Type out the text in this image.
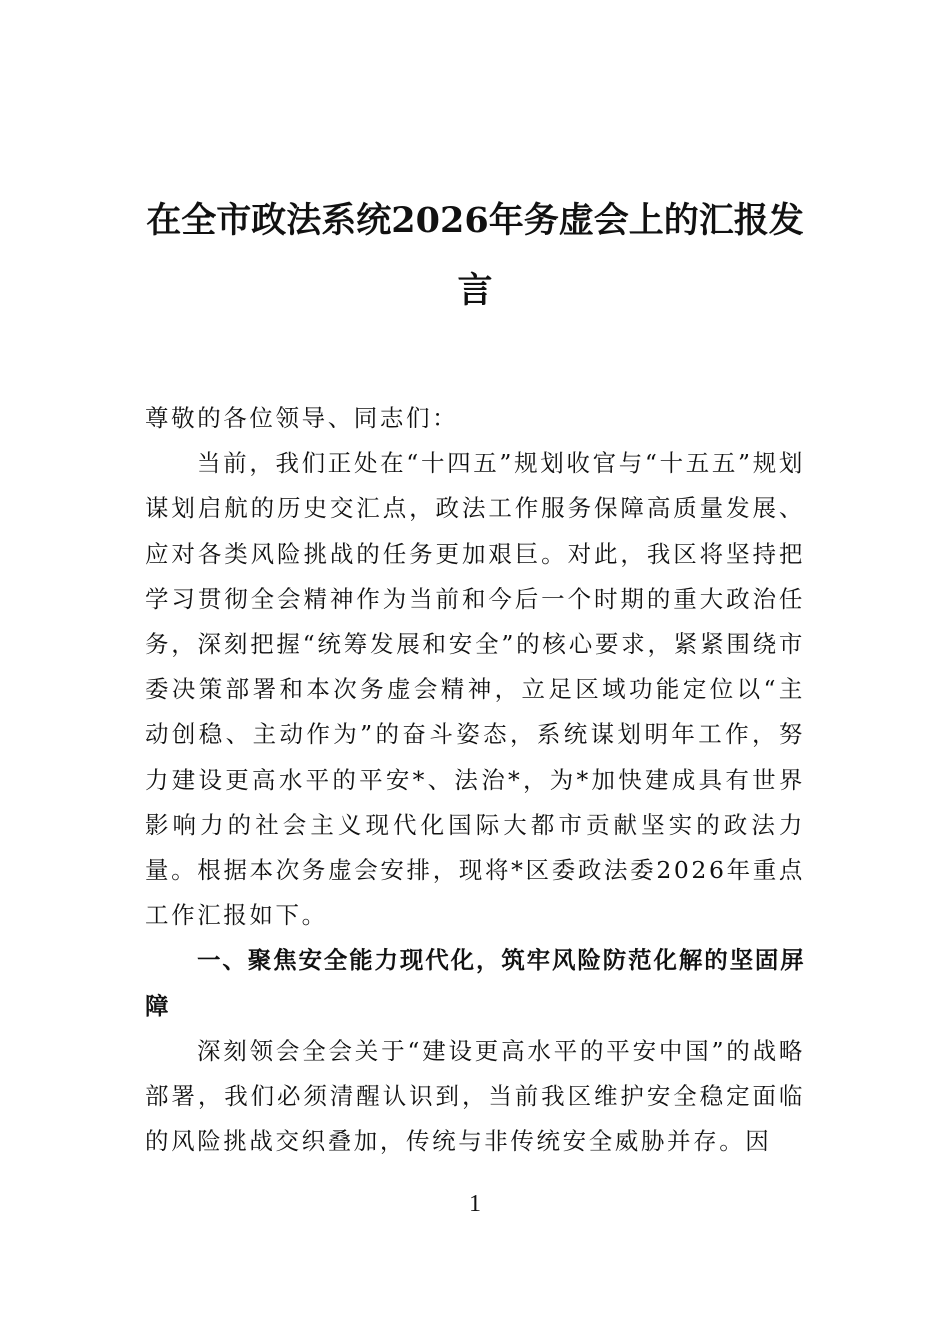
在全市政法系统2026年务虚会上的汇报发言

尊敬的各位领导、同志们：

当前，我们正处在“十四五”规划收官与“十五五”规划谋划启航的历史交汇点，政法工作服务保障高质量发展、应对各类风险挑战的任务更加艰巨。对此，我区将坚持把学习贯彻全会精神作为当前和今后一个时期的重大政治任务，深刻把握“统筹发展和安全”的核心要求，紧紧围绕市委决策部署和本次务虚会精神，立足区域功能定位以“主动创稳、主动作为”的奋斗姿态，系统谋划明年工作，努力建设更高水平的平安*、法治*，为*加快建成具有世界影响力的社会主义现代化国际大都市贡献坚实的政法力量。根据本次务虚会安排，现将*区委政法委2026年重点工作汇报如下。

一、聚焦安全能力现代化，筑牢风险防范化解的坚固屏障

深刻领会全会关于“建设更高水平的平安中国”的战略部署，我们必须清醒认识到，当前我区维护安全稳定面临的风险挑战交织叠加，传统与非传统安全威胁并存。因

1
